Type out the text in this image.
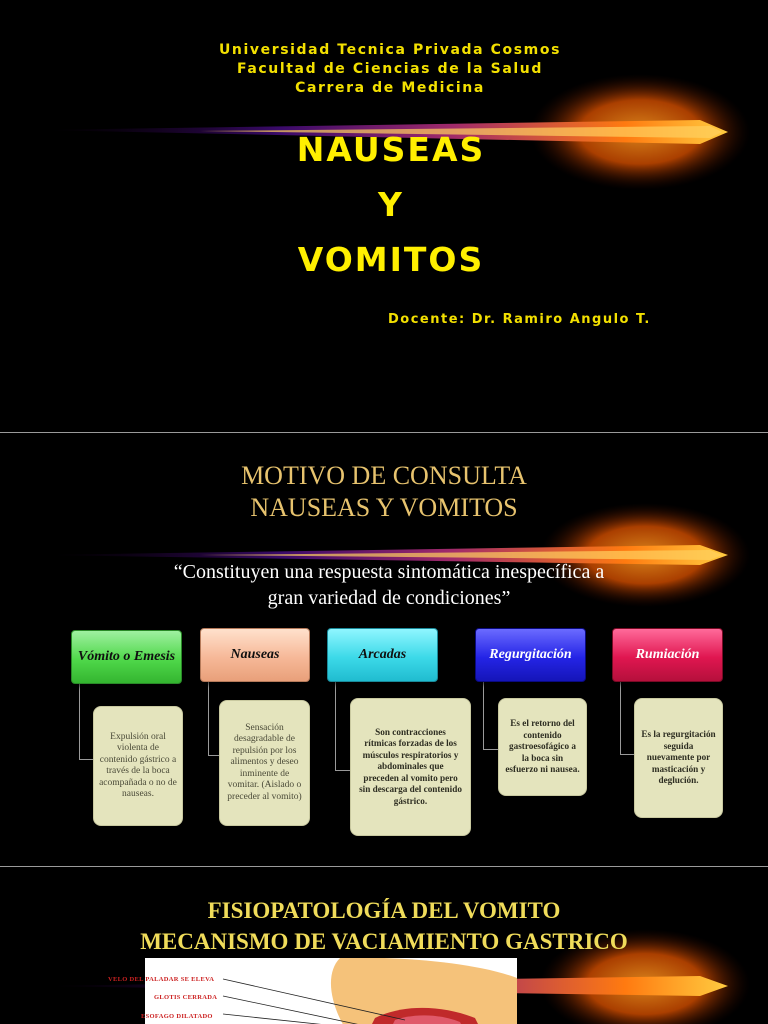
Universidad Tecnica Privada Cosmos
Facultad de Ciencias de la Salud
Carrera de Medicina
NAUSEAS
Y
VOMITOS
Docente: Dr. Ramiro Angulo T.
MOTIVO DE CONSULTA
NAUSEAS Y VOMITOS
“Constituyen una respuesta sintomática inespecífica a
gran variedad de condiciones”
Vómito o Emesis	Nauseas	Arcadas	Regurgitación	Rumiación
Expulsión oral violenta de contenido gástrico a través de la boca acompañada o no de nauseas.
Sensación desagradable de repulsión por los alimentos y deseo inminente de vomitar. (Aislado o preceder al vomito)
Son contracciones rítmicas forzadas de los músculos respiratorios y abdominales que preceden al vomito pero sin descarga del contenido gástrico.
Es el retorno del contenido gastroesofágico a la boca sin esfuerzo ni nausea.
Es la regurgitación seguida nuevamente por masticación y deglución.
FISIOPATOLOGÍA DEL VOMITO
MECANISMO DE VACIAMIENTO GASTRICO
VELO DEL PALADAR SE ELEVA
GLOTIS CERRADA
ESOFAGO DILATADO
